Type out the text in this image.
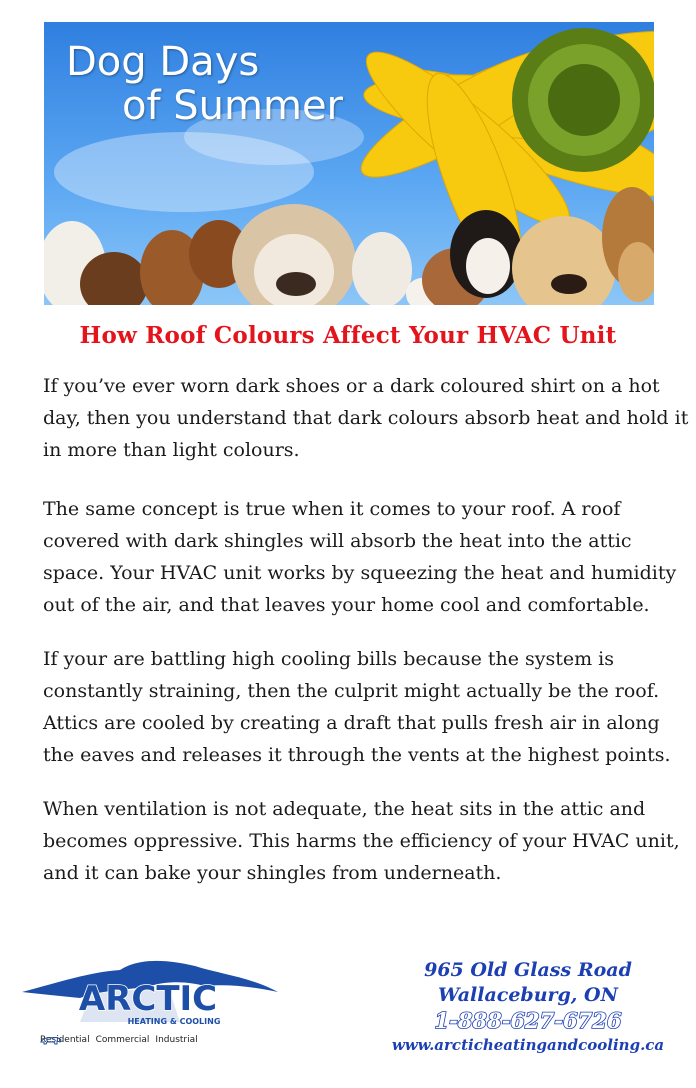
Dog Days
of Summer
How Roof Colours Affect Your HVAC Unit

If you’ve ever worn dark shoes or a dark coloured shirt on a hot day, then you understand that dark colours absorb heat and hold it in more than light colours.

The same concept is true when it comes to your roof. A roof covered with dark shingles will absorb the heat into the attic space. Your HVAC unit works by squeezing the heat and humidity out of the air, and that leaves your home cool and comfortable.

If your are battling high cooling bills because the system is constantly straining, then the culprit might actually be the roof. Attics are cooled by creating a draft that pulls fresh air in along the eaves and releases it through the vents at the highest points.

When ventilation is not adequate, the heat sits in the attic and becomes oppressive. This harms the efficiency of your HVAC unit, and it can bake your shingles from underneath.

ARCTIC
HEATING & COOLING
Residential Commercial Industrial
965 Old Glass Road
Wallaceburg, ON
1-888-627-6726
www.arcticheatingandcooling.ca
